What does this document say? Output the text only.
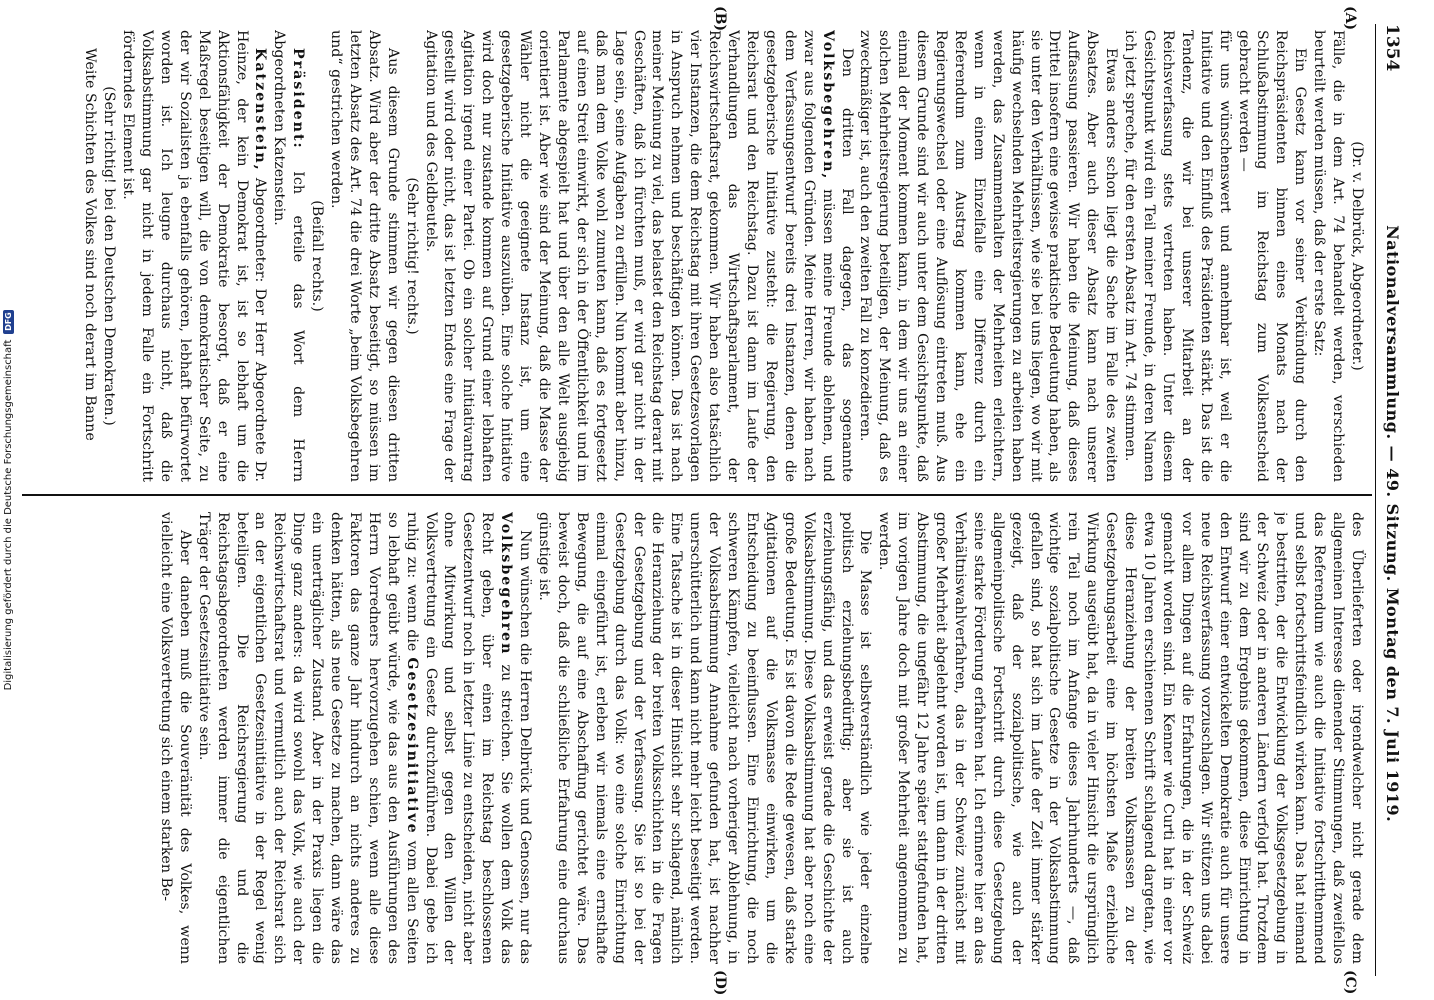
1354
Nationalversammlung. — 49. Sitzung. Montag den 7. Juli 1919.
(A)
(B)
(C)
(D)

(Dr. v. Delbrück, Abgeordneter.)

Fälle, die in dem Art. 74 behandelt werden, verschieden beurteilt werden müssen, daß der erste Satz:

Ein Gesetz kann vor seiner Verkündung durch den Reichspräsidenten binnen eines Monats nach der Schlußabstimmung im Reichstag zum Volksentscheid gebracht werden —

für uns wünschenswert und annehmbar ist, weil er die Initiative und den Einfluß des Präsidenten stärkt. Das ist die Tendenz, die wir bei unserer Mitarbeit an der Reichsverfassung stets vertreten haben. Unter diesem Gesichtspunkt wird ein Teil meiner Freunde, in deren Namen ich jetzt spreche, für den ersten Absatz im Art. 74 stimmen.

Etwas anders schon liegt die Sache im Falle des zweiten Absatzes. Aber auch dieser Absatz kann nach unserer Auffassung passieren. Wir haben die Meinung, daß dieses Drittel insofern eine gewisse praktische Bedeutung haben, als sie unter den Verhältnissen, wie sie bei uns liegen, wo wir mit häufig wechselnden Mehrheitsregierungen zu arbeiten haben werden, das Zusammenhalten der Mehrheiten erleichtern, wenn in einem Einzelfalle eine Differenz durch ein Referendum zum Austrag kommen kann, ehe ein Regierungswechsel oder eine Auflösung eintreten muß. Aus diesem Grunde sind wir auch unter dem Gesichtspunkte, daß einmal der Moment kommen kann, in dem wir uns an einer solchen Mehrheitsregierung beteiligen, der Meinung, daß es zweckmäßiger ist, auch den zweiten Fall zu konzedieren.

Den dritten Fall dagegen, das sogenannte Volksbegehren, müssen meine Freunde ablehnen, und zwar aus folgenden Gründen. Meine Herren, wir haben nach dem Verfassungsentwurf bereits drei Instanzen, denen die gesetzgeberische Initiative zusteht: die Regierung, den Reichsrat und den Reichstag. Dazu ist dann im Laufe der Verhandlungen das Wirtschaftsparlament, der Reichswirtschaftsrat, gekommen. Wir haben also tatsächlich vier Instanzen, die dem Reichstag mit ihren Gesetzesvorlagen in Anspruch nehmen und beschäftigen können. Das ist nach meiner Meinung zu viel, das belastet den Reichstag derart mit Geschäften, daß ich fürchten muß, er wird gar nicht in der Lage sein, seine Aufgaben zu erfüllen. Nun kommt aber hinzu, daß man dem Volke wohl zumuten kann, daß es fortgesetzt auf einen Streit einwirkt, der sich in der Öffentlichkeit und im Parlamente abgespielt hat und über den alle Welt ausgiebig orientiert ist. Aber wie sind der Meinung, daß die Masse der Wähler nicht die geeignete Instanz ist, um eine gesetzgeberische Initiative auszuüben. Eine solche Initiative wird doch nur zustande kommen auf Grund einer lebhaften Agitation irgend einer Partei. Ob ein solcher Initiativantrag gestellt wird oder nicht, das ist letzten Endes eine Frage der Agitation und des Geldbeutels.

(Sehr richtig! rechts.)

Aus diesem Grunde stimmen wir gegen diesen dritten Absatz. Wird aber der dritte Absatz beseitigt, so müssen im letzten Absatz des Art. 74 die drei Worte „beim Volksbegehren und“ gestrichen werden.

(Beifall rechts.)

Präsident: Ich erteile das Wort dem Herrn Abgeordneten Katzenstein.

Katzenstein, Abgeordneter: Der Herr Abgeordnete Dr. Heinze, der kein Demokrat ist, ist so lebhaft um die Aktionsfähigkeit der Demokratie besorgt, daß er eine Maßregel beseitigen will, die von demokratischer Seite, zu der wir Sozialisten ja ebenfalls gehören, lebhaft befürwortet worden ist. Ich leugne durchaus nicht, daß die Volksabstimmung gar nicht in jedem Falle ein Fortschritt förderndes Element ist.

(Sehr richtig! bei den Deutschen Demokraten.)

Weite Schichten des Volkes sind noch derart im Banne

des Überlieferten oder irgendwelcher nicht gerade dem allgemeinen Interesse dienender Stimmungen, daß zweifellos das Referendum wie auch die Initiative fortschritthemmend und selbst fortschrittsfeindlich wirken kann. Das hat niemand je bestritten, der die Entwicklung der Volksgesetzgebung in der Schweiz oder in anderen Ländern verfolgt hat. Trotzdem sind wir zu dem Ergebnis gekommen, diese Einrichtung in den Entwurf einer entwickelten Demokratie auch für unsere neue Reichsverfassung vorzuschlagen. Wir stützen uns dabei vor allem Dingen auf die Erfahrungen, die in der Schweiz gemacht worden sind. Ein Kenner wie Curti hat in einer vor etwa 10 Jahren erschienenen Schrift schlagend dargetan, wie diese Heranziehung der breiten Volksmassen zu der Gesetzgebungsarbeit eine im höchsten Maße erziehliche Wirkung ausgeübt hat, da in vieler Hinsicht die ursprünglich rein Teil noch im Anfange dieses Jahrhunderts —, daß wichtige sozialpolitische Gesetze in der Volksabstimmung gefallen sind, so hat sich im Laufe der Zeit immer stärker gezeigt, daß der sozialpolitische, wie auch der allgemeinpolitische Fortschritt durch diese Gesetzgebung seine starke Förderung erfahren hat. Ich erinnere hier an das Verhältniswahlverfahren, das in der Schweiz zunächst mit großer Mehrheit abgelehnt worden ist, um dann in der dritten Abstimmung, die ungefähr 12 Jahre später stattgefunden hat, im vorigen Jahre doch mit großer Mehrheit angenommen zu werden.

Die Masse ist selbstverständlich wie jeder einzelne politisch erziehungsbedürftig; aber sie ist auch erziehungsfähig, und das erweist gerade die Geschichte der Volksabstimmung. Diese Volksabstimmung hat aber noch eine große Bedeutung. Es ist davon die Rede gewesen, daß starke Agitationen auf die Volksmasse einwirken, um die Entscheidung zu beeinflussen. Eine Einrichtung, die noch schweren Kämpfen, vielleicht nach vorheriger Ablehnung, in der Volksabstimmung Annahme gefunden hat, ist nachher unerschütterlich und kann nicht mehr leicht beseitigt werden. Eine Tatsache ist in dieser Hinsicht sehr schlagend, nämlich die Heranziehung der breiten Volksschichten in die Fragen der Gesetzgebung und der Verfassung. Sie ist so bei der Gesetzgebung durch das Volk: wo eine solche Einrichtung einmal eingeführt ist, erleben wir niemals eine ernsthafte Bewegung, die auf eine Abschaffung gerichtet wäre. Das beweist doch, daß die schließliche Erfahrung eine durchaus günstige ist.

Nun wünschen die Herren Delbrück und Genossen, nur das Volksbegehren zu streichen. Sie wollen dem Volk das Recht geben, über einen im Reichstag beschlossenen Gesetzentwurf noch in letzter Linie zu entscheiden, nicht aber ohne Mitwirkung und selbst gegen den Willen der Volksvertretung ein Gesetz durchzuführen. Dabei gebe ich ruhig zu: wenn die Gesetzesinitiative vom allen Seiten so lebhaft geübt würde, wie das aus den Ausführungen des Herrn Vorredners hervorzugehen schien, wenn alle diese Faktoren das ganze Jahr hindurch an nichts anderes zu denken hätten, als neue Gesetze zu machen, dann wäre das ein unerträglicher Zustand. Aber in der Praxis liegen die Dinge ganz anders: da wird sowohl das Volk, wie auch der Reichswirtschaftsrat und vermutlich auch der Reichsrat sich an der eigentlichen Gesetzesinitiative in der Regel wenig beteiligen. Die Reichsregierung und die Reichstagsabgeordneten werden immer die eigentlichen Träger der Gesetzesinitiative sein.

Aber daneben muß die Souveränität des Volkes, wenn vielleicht eine Volksvertretung sich einem starken Be-

Digitalisierung gefördert durch die Deutsche Forschungsgemeinschaft
DFG
